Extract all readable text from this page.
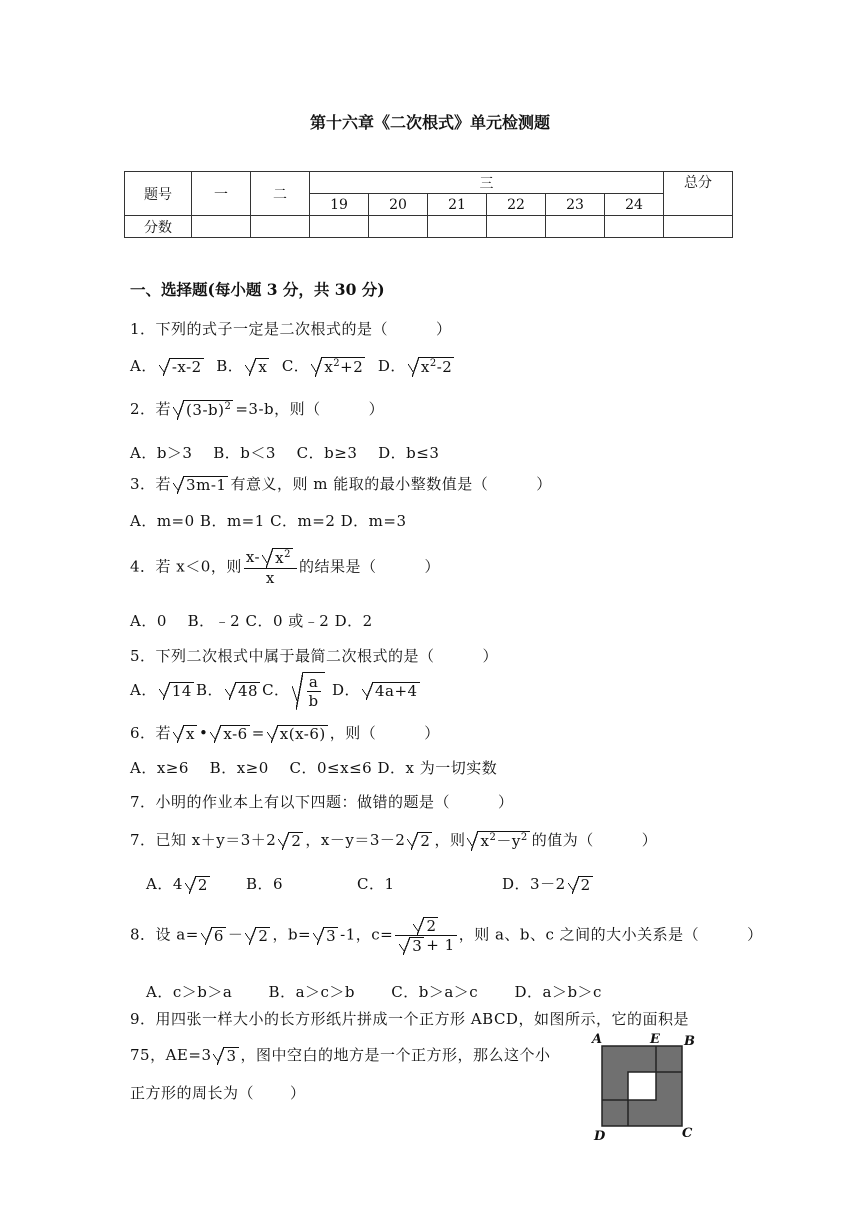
第十六章《二次根式》单元检测题
题号	一	二	三						总分
			19	20	21	22	23	24	
分数									
一、选择题(每小题 3 分，共 30 分)
1．下列的式子一定是二次根式的是（	）
A． -x-2 B． x C． $x^2+2$ D． $x^2-2$
2．若 $(3-b)^2 =3-b$，则（	）
A．b＞3　 B．b＜3　 C．b≥3　 D．b≤3
3．若 3m-1 有意义，则 m 能取的最小整数值是（	）
A．m=0 B．m=1 C．m=2 D．m=3
4．若 x＜0，则 $\frac{x- x^2}{x}$ 的结果是（	）
A．0　 B．﹣2 C．0 或﹣2 D．2
5．下列二次根式中属于最简二次根式的是（	）
A． 14 B． 48 C． $\frac{a}{b}$ D． 4a+4
6．若 x • x-6 = x(x-6) ，则（	）
A．x≥6　 B．x≥0　 C．0≤x≤6 D．x 为一切实数
7．小明的作业本上有以下四题：做错的题是（	）
7．已知 x＋y＝3＋2 2 ，x－y＝3－2 2 ，则 $x^2-y^2$ 的值为（	）
A．4 2	B．6	C．1	D．3－2 2
8．设 a= 6 － 2 ，b= 3 -1，$c= \frac{2}{3 + 1}$ ，则 a、b、c 之间的大小关系是（	）
A．c＞b＞a　　 B．a＞c＞b　　 C．b＞a＞c　　 D．a＞b＞c
9．用四张一样大小的长方形纸片拼成一个正方形 ABCD，如图所示，它的面积是
75，AE=3 3 ，图中空白的地方是一个正方形，那么这个小
正方形的周长为（ ）
A	E B
C
D
